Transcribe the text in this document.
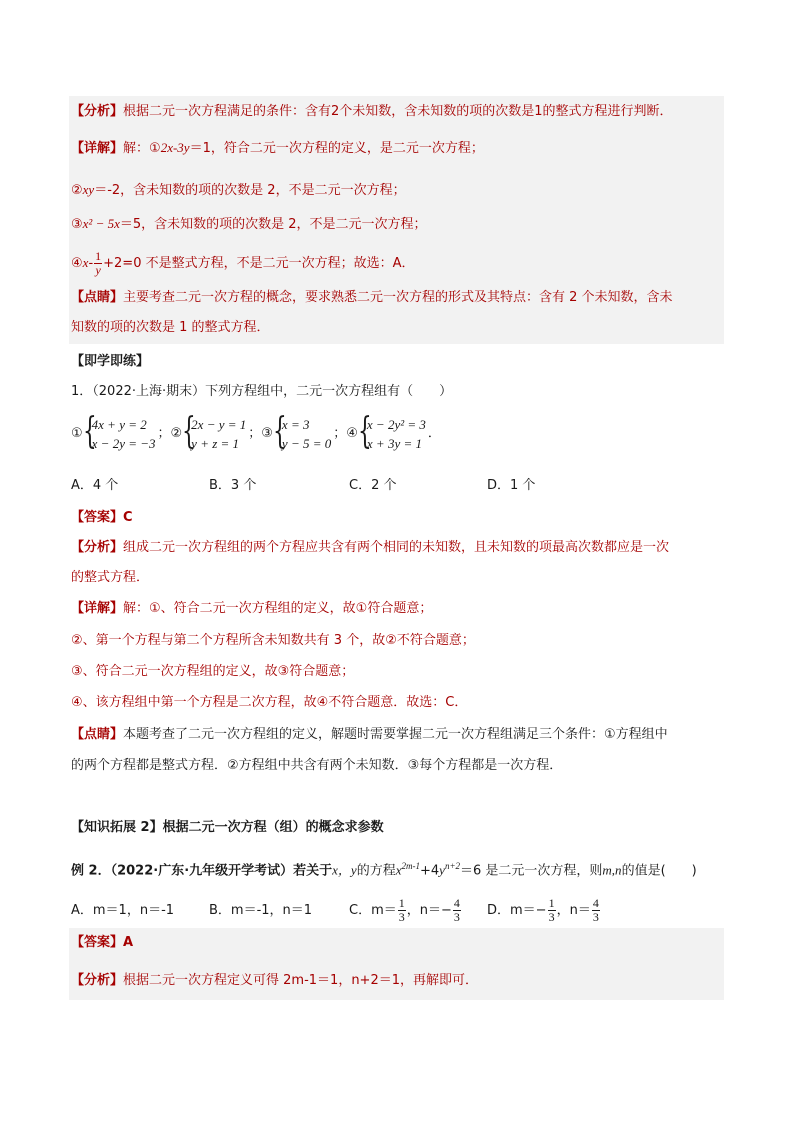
【分析】根据二元一次方程满足的条件：含有2个未知数，含未知数的项的次数是1的整式方程进行判断．
【详解】解：①2x-3y＝1，符合二元一次方程的定义，是二元一次方程；
②xy＝-2，含未知数的项的次数是 2，不是二元一次方程；
③x² − 5x＝5，含未知数的项的次数是 2，不是二元一次方程；
④x- $\frac{1}{y} +2=0$ 不是整式方程，不是二元一次方程；故选：A．
【点睛】主要考查二元一次方程的概念，要求熟悉二元一次方程的形式及其特点：含有 2 个未知数，含未
知数的项的次数是 1 的整式方程．
【即学即练】
1．（2022·上海·期末）下列方程组中，二元一次方程组有（　　）
① {
4x + y = 2
x − 2y = −3
；② {
2x − y = 1
y + z = 1
；③ {
x = 3
y − 5 = 0
；④ {
x − 2y² = 3
x + 3y = 1
．
A．4 个	B．3 个	C．2 个	D．1 个
【答案】C
【分析】组成二元一次方程组的两个方程应共含有两个相同的未知数，且未知数的项最高次数都应是一次
的整式方程．
【详解】解：①、符合二元一次方程组的定义，故①符合题意；
②、第一个方程与第二个方程所含未知数共有 3 个，故②不符合题意；
③、符合二元一次方程组的定义，故③符合题意；
④、该方程组中第一个方程是二次方程，故④不符合题意．故选：C．
【点睛】本题考查了二元一次方程组的定义，解题时需要掌握二元一次方程组满足三个条件：①方程组中
的两个方程都是整式方程．②方程组中共含有两个未知数．③每个方程都是一次方程．
【知识拓展 2】根据二元一次方程（组）的概念求参数
例 2．（2022·广东·九年级开学考试）若关于x，y的方程$x^{2m-1}+4y^{n+2}=6$ 是二元一次方程，则m,n的值是(　　)
A．m＝1，n＝-1	B．m＝-1，n＝1	C．$m= \frac{1}{3}$ ，$n=- \frac{4}{3}$ D．$m=- \frac{1}{3}$ ，$n= \frac{4}{3}$
【答案】A
【分析】根据二元一次方程定义可得 2m-1＝1，n+2＝1，再解即可．
